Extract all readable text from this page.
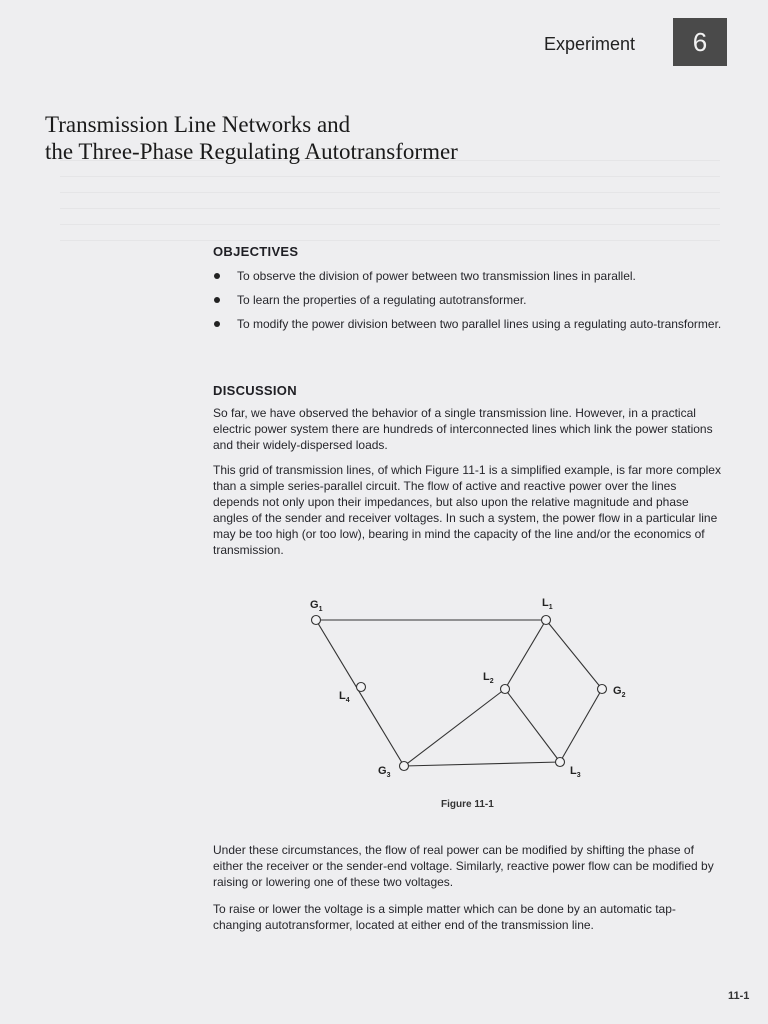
Experiment 6
Transmission Line Networks and
the Three-Phase Regulating Autotransformer
OBJECTIVES
To observe the division of power between two transmission lines in parallel.
To learn the properties of a regulating autotransformer.
To modify the power division between two parallel lines using a regulating auto-transformer.
DISCUSSION

So far, we have observed the behavior of a single transmission line. However, in a practical electric power system there are hundreds of interconnected lines which link the power stations and their widely-dispersed loads.

This grid of transmission lines, of which Figure 11-1 is a simplified example, is far more complex than a simple series-parallel circuit. The flow of active and reactive power over the lines depends not only upon their impedances, but also upon the relative magnitude and phase angles of the sender and receiver voltages. In such a system, the power flow in a particular line may be too high (or too low), bearing in mind the capacity of the line and/or the economics of transmission.

$G_1$
$L_1$
$L_2$
$G_2$
$L_4$
$G_3$	$L_3$
Figure 11-1

Under these circumstances, the flow of real power can be modified by shifting the phase of either the receiver or the sender-end voltage. Similarly, reactive power flow can be modified by raising or lowering one of these two voltages.

To raise or lower the voltage is a simple matter which can be done by an automatic tap-changing autotransformer, located at either end of the transmission line.

11-1
